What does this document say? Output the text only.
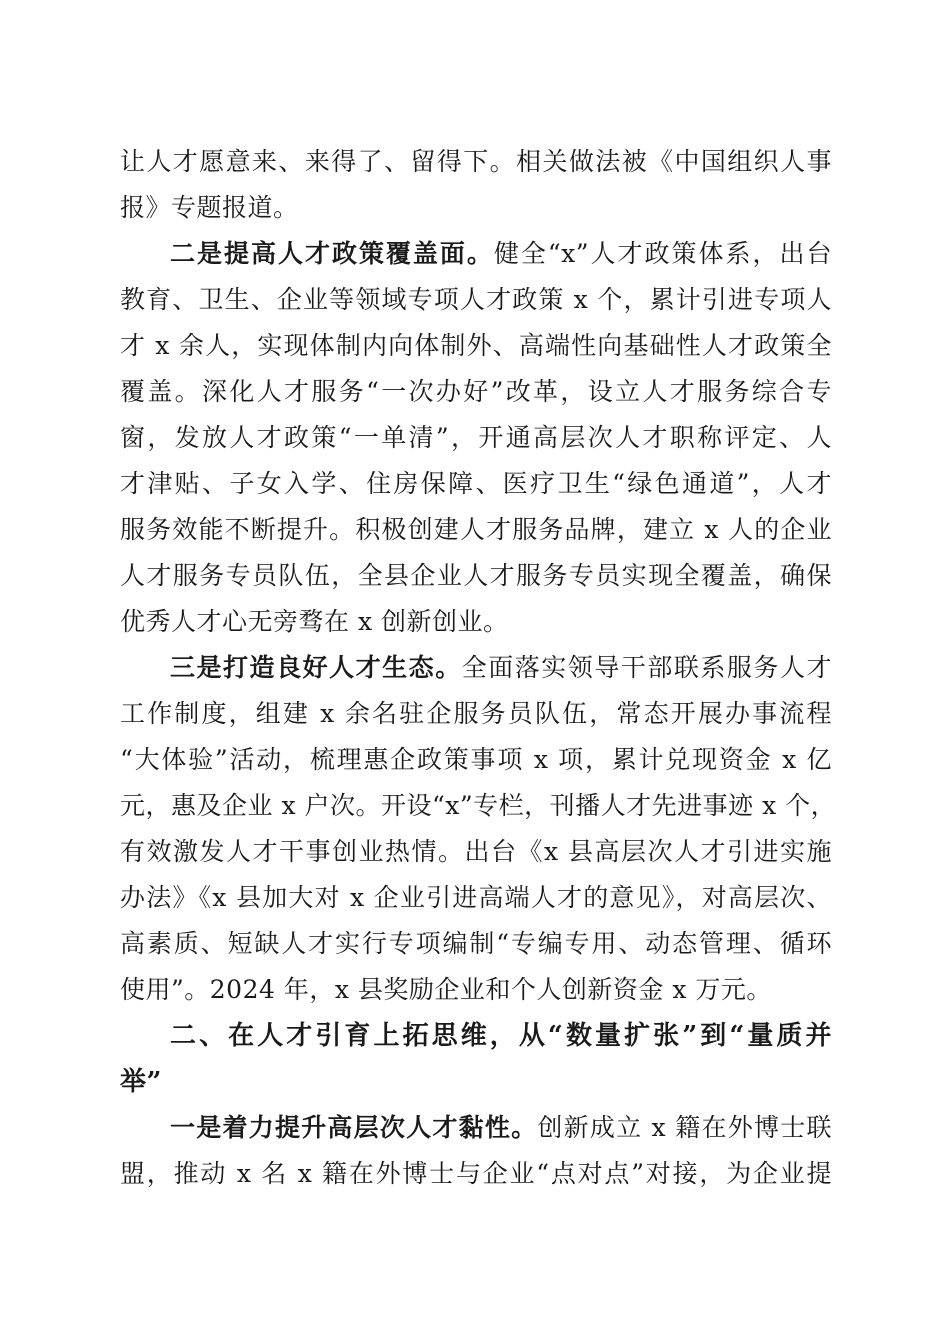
让人才愿意来、来得了、留得下。相关做法被《中国组织人事
报》专题报道。
二是提高人才政策覆盖面。健全“x”人才政策体系，出台
教育、卫生、企业等领域专项人才政策 x 个，累计引进专项人
才 x 余人，实现体制内向体制外、高端性向基础性人才政策全
覆盖。深化人才服务“一次办好”改革，设立人才服务综合专
窗，发放人才政策“一单清”，开通高层次人才职称评定、人
才津贴、子女入学、住房保障、医疗卫生“绿色通道”，人才
服务效能不断提升。积极创建人才服务品牌，建立 x 人的企业
人才服务专员队伍，全县企业人才服务专员实现全覆盖，确保
优秀人才心无旁骛在 x 创新创业。
三是打造良好人才生态。全面落实领导干部联系服务人才
工作制度，组建 x 余名驻企服务员队伍，常态开展办事流程
“大体验”活动，梳理惠企政策事项 x 项，累计兑现资金 x 亿
元，惠及企业 x 户次。开设“x”专栏，刊播人才先进事迹 x 个，
有效激发人才干事创业热情。出台《x 县高层次人才引进实施
办法》《x 县加大对 x 企业引进高端人才的意见》，对高层次、
高素质、短缺人才实行专项编制“专编专用、动态管理、循环
使用”。2024 年，x 县奖励企业和个人创新资金 x 万元。
二、在人才引育上拓思维，从“数量扩张”到“量质并
举”
一是着力提升高层次人才黏性。创新成立 x 籍在外博士联
盟，推动 x 名 x 籍在外博士与企业“点对点”对接，为企业提
